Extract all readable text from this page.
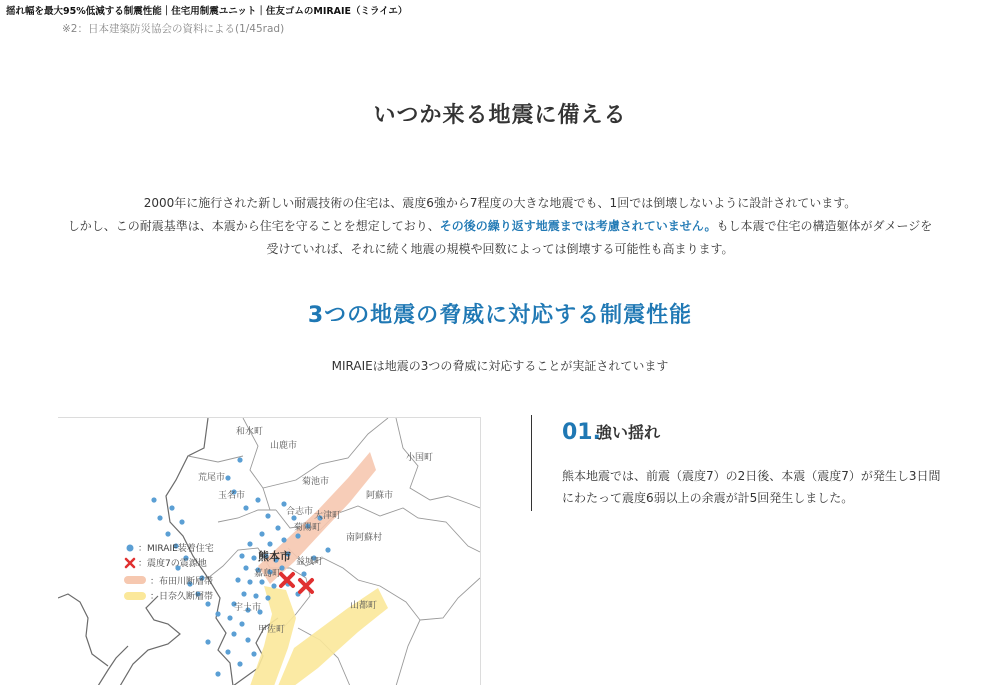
揺れ幅を最大95%低減する制震性能｜住宅用制震ユニット｜住友ゴムのMIRAIE（ミライエ）
※2：日本建築防災協会の資料による(1/45rad)
いつか来る地震に備える
2000年に施行された新しい耐震技術の住宅は、震度6強から7程度の大きな地震でも、1回では倒壊しないように設計されています。
しかし、この耐震基準は、本震から住宅を守ることを想定しており、その後の繰り返す地震までは考慮されていません。もし本震で住宅の構造躯体がダメージを
受けていれば、それに続く地震の規模や回数によっては倒壊する可能性も高まります。
3つの地震の脅威に対応する制震性能
MIRAIEは地震の3つの脅威に対応することが実証されています
和水町
山鹿市
荒尾市	菊池市
玉名市	阿蘇市
小国町
合志市 大津町
菊陽町
南阿蘇村
熊本市 益城町
嘉島町
宇土市	山都町
甲佐町
：MIRAIE装着住宅
：震度7の震源地
：布田川断層帯
：日奈久断層帯
01.
強い揺れ
熊本地震では、前震（震度7）の2日後、本震（震度7）が発生し3日間
にわたって震度6弱以上の余震が計5回発生しました。
